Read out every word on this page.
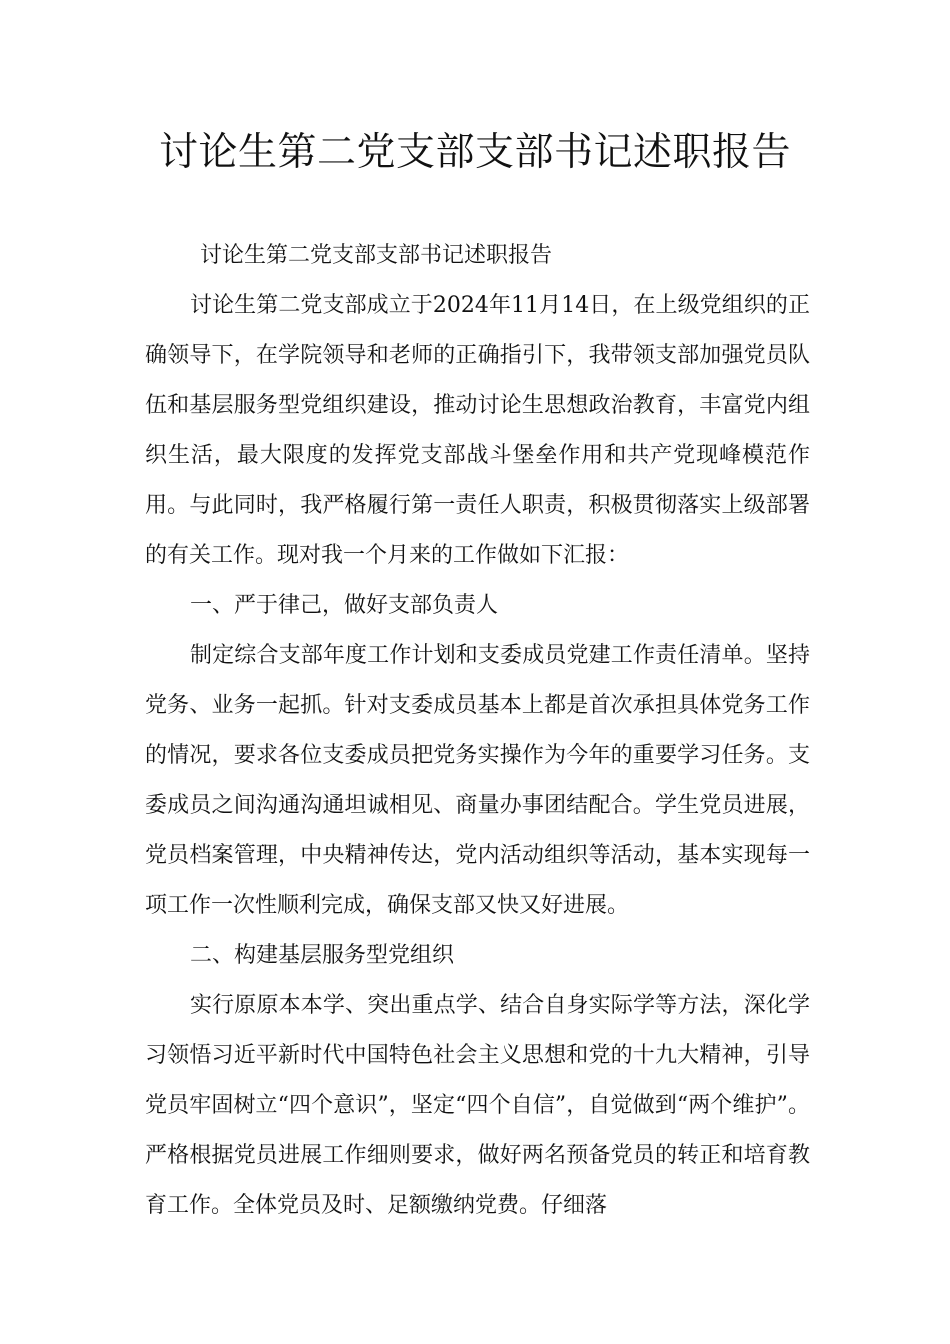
讨论生第二党支部支部书记述职报告

讨论生第二党支部支部书记述职报告

讨论生第二党支部成立于2024年11月14日，在上级党组织的正确领导下，在学院领导和老师的正确指引下，我带领支部加强党员队伍和基层服务型党组织建设，推动讨论生思想政治教育，丰富党内组织生活，最大限度的发挥党支部战斗堡垒作用和共产党现峰模范作用。与此同时，我严格履行第一责任人职责，积极贯彻落实上级部署的有关工作。现对我一个月来的工作做如下汇报：

一、严于律己，做好支部负责人

制定综合支部年度工作计划和支委成员党建工作责任清单。坚持党务、业务一起抓。针对支委成员基本上都是首次承担具体党务工作的情况，要求各位支委成员把党务实操作为今年的重要学习任务。支委成员之间沟通沟通坦诚相见、商量办事团结配合。学生党员进展，党员档案管理，中央精神传达，党内活动组织等活动，基本实现每一项工作一次性顺利完成，确保支部又快又好进展。

二、构建基层服务型党组织

实行原原本本学、突出重点学、结合自身实际学等方法，深化学习领悟习近平新时代中国特色社会主义思想和党的十九大精神，引导党员牢固树立“四个意识”，坚定“四个自信”，自觉做到“两个维护”。严格根据党员进展工作细则要求，做好两名预备党员的转正和培育教育工作。全体党员及时、足额缴纳党费。仔细落
